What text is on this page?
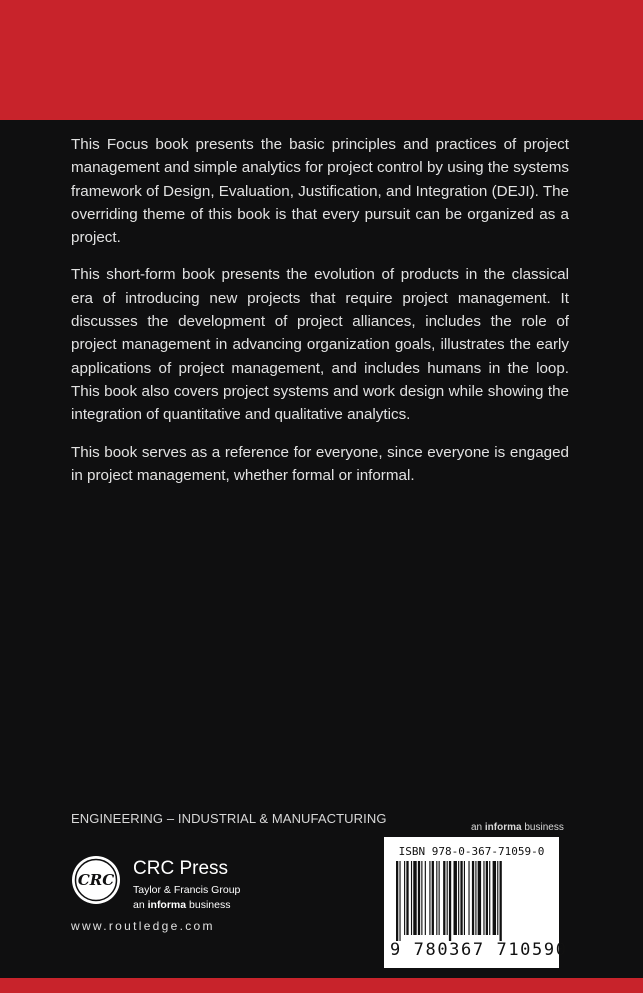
This Focus book presents the basic principles and practices of project management and simple analytics for project control by using the systems framework of Design, Evaluation, Justification, and Integration (DEJI). The overriding theme of this book is that every pursuit can be organized as a project.

This short-form book presents the evolution of products in the classical era of introducing new projects that require project management. It discusses the development of project alliances, includes the role of project management in advancing organization goals, illustrates the early applications of project management, and includes humans in the loop. This book also covers project systems and work design while showing the integration of quantitative and qualitative analytics.

This book serves as a reference for everyone, since everyone is engaged in project management, whether formal or informal.

ENGINEERING – INDUSTRIAL & MANUFACTURING
an informa business
CRC
CRC Press
Taylor & Francis Group
an informa business
www.routledge.com
ISBN 978-0-367-71059-0
9 780367 710590
